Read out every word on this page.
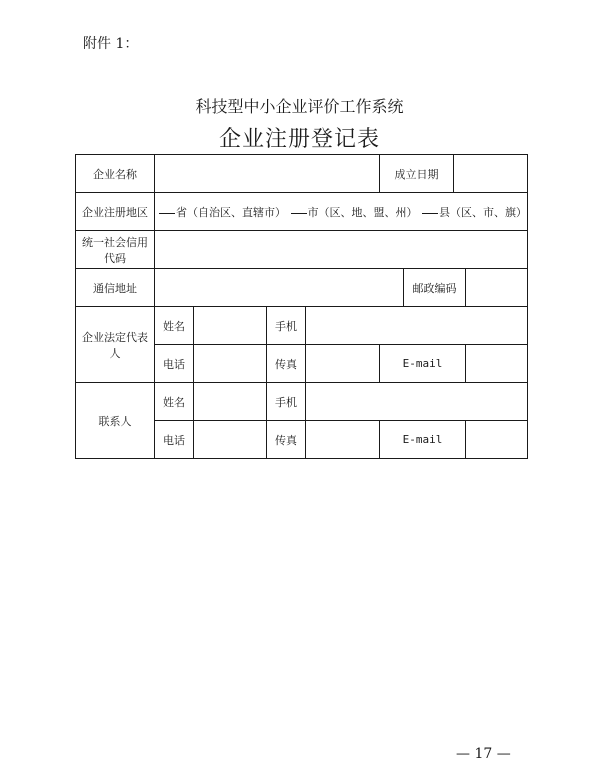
附件 1：
科技型中小企业评价工作系统
企业注册登记表
企业名称					成立日期			
企业注册地区	省（自治区、直辖市） 市（区、地、盟、州） 县（区、市、旗）							
统一社会信用代码								
通信地址						邮政编码		
企业法定代表人	姓名		手机					
	电话		传真		E-mail			
联系人	姓名		手机					
	电话		传真		E-mail			
— 17 —
